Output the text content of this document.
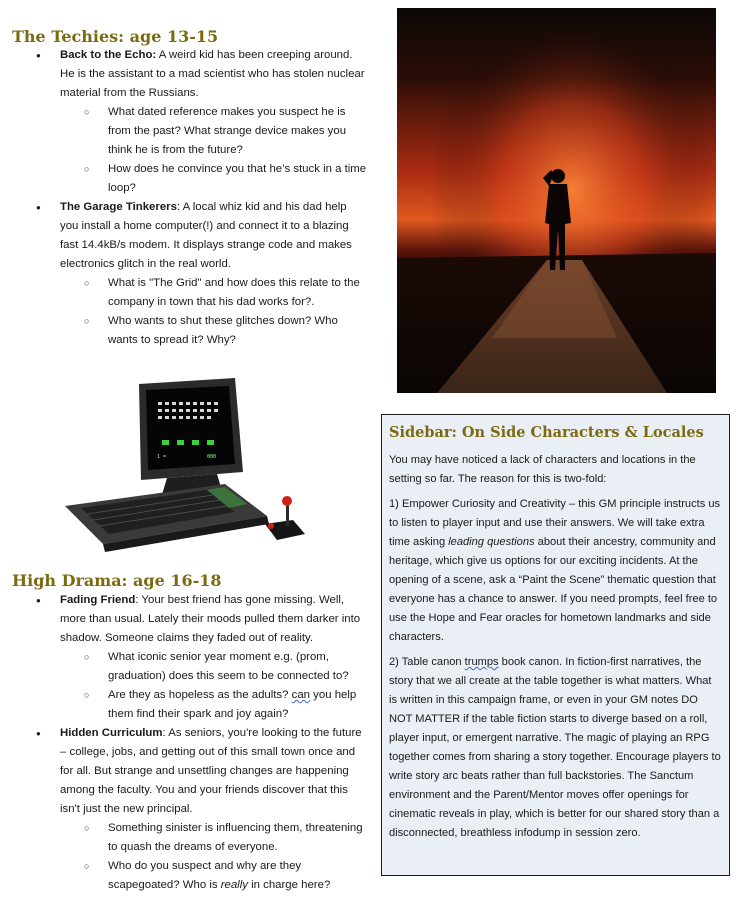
The Techies: age 13-15

● Back to the Echo: A weird kid has been creeping around. He is the assistant to a mad scientist who has stolen nuclear material from the Russians.

○ What dated reference makes you suspect he is from the past? What strange device makes you think he is from the future?

○ How does he convince you that he’s stuck in a time loop?

● The Garage Tinkerers: A local whiz kid and his dad help you install a home computer(!) and connect it to a blazing fast 14.4kB/s modem. It displays strange code and makes electronics glitch in the real world.

○ What is "The Grid" and how does this relate to the company in town that his dad works for?.

○ Who wants to shut these glitches down? Who wants to spread it? Why?

1 =	000
High Drama: age 16-18

● Fading Friend: Your best friend has gone missing. Well, more than usual. Lately their moods pulled them darker into shadow. Someone claims they faded out of reality.

○ What iconic senior year moment e.g. (prom, graduation) does this seem to be connected to?

○ Are they as hopeless as the adults? can you help them find their spark and joy again?

● Hidden Curriculum: As seniors, you're looking to the future – college, jobs, and getting out of this small town once and for all. But strange and unsettling changes are happening among the faculty. You and your friends discover that this isn't just the new principal.

○ Something sinister is influencing them, threatening to quash the dreams of everyone.

○ Who do you suspect and why are they scapegoated? Who is really in charge here?

Sidebar: On Side Characters & Locales

You may have noticed a lack of characters and locations in the setting so far. The reason for this is two-fold:

1) Empower Curiosity and Creativity – this GM principle instructs us to listen to player input and use their answers. We will take extra time asking leading questions about their ancestry, community and heritage, which give us options for our exciting incidents. At the opening of a scene, ask a “Paint the Scene” thematic question that everyone has a chance to answer. If you need prompts, feel free to use the Hope and Fear oracles for hometown landmarks and side characters.

2) Table canon trumps book canon. In fiction-first narratives, the story that we all create at the table together is what matters. What is written in this campaign frame, or even in your GM notes DO NOT MATTER if the table fiction starts to diverge based on a roll, player input, or emergent narrative. The magic of playing an RPG together comes from sharing a story together. Encourage players to write story arc beats rather than full backstories. The Sanctum environment and the Parent/Mentor moves offer openings for cinematic reveals in play, which is better for our shared story than a disconnected, breathless infodump in session zero.
